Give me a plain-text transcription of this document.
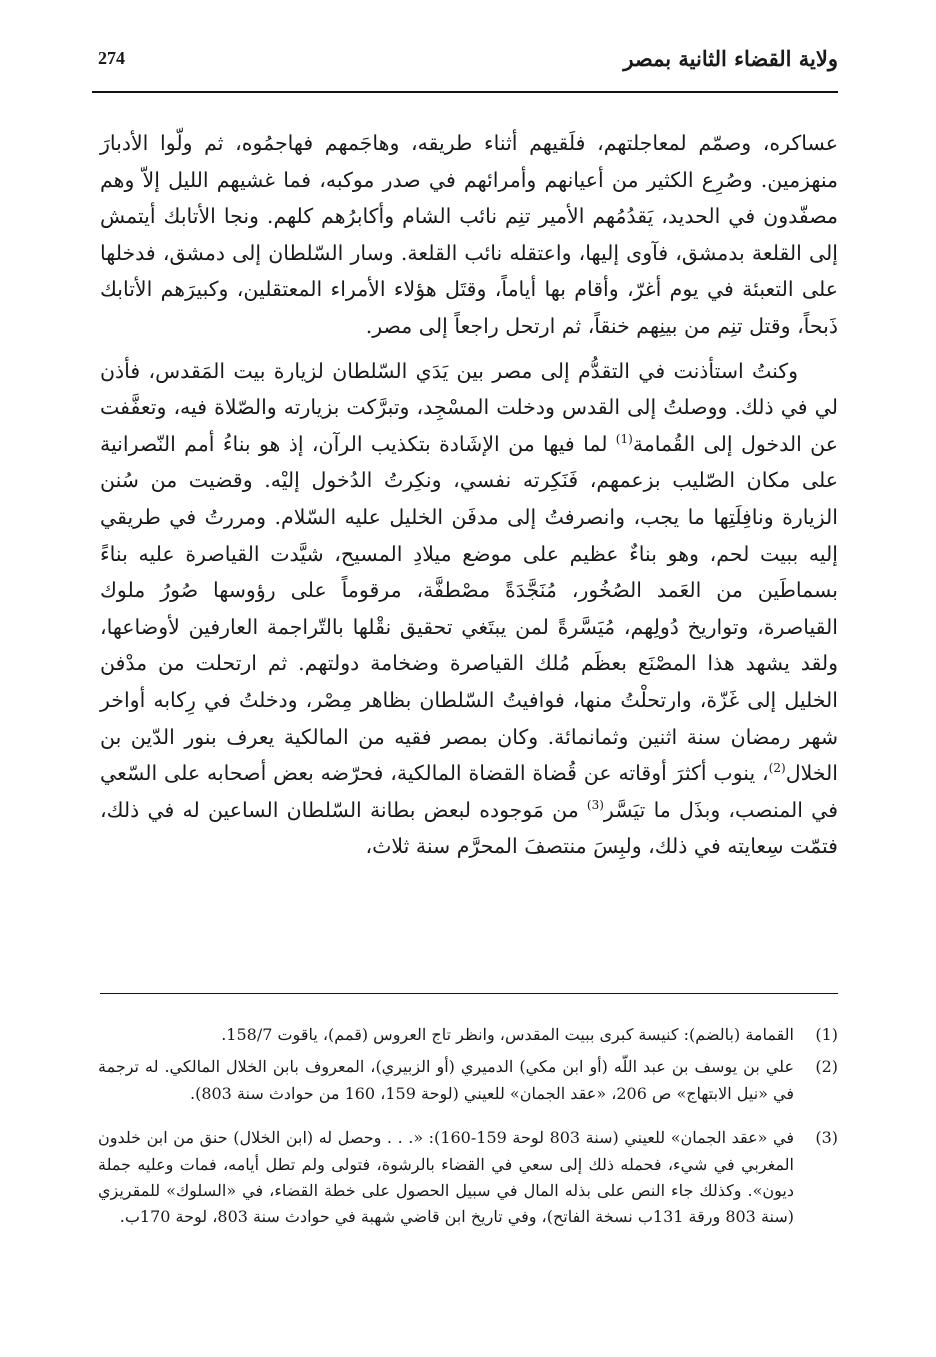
ولاية القضاء الثانية بمصر
274

عساكره، وصمّم لمعاجلتهم، فلَقيهم أثناء طريقه، وهاجَمهم فهاجمُوه، ثم ولّوا الأدبارَ منهزمين. وصُرِع الكثير من أعيانهم وأمرائهم في صدر موكبه، فما غشيهم الليل إلاّ وهم مصفّدون في الحديد، يَقدُمُهم الأمير تنِم نائب الشام وأكابرُهم كلهم. ونجا الأتابك أيتمش إلى القلعة بدمشق، فآوى إليها، واعتقله نائب القلعة. وسار السّلطان إلى دمشق، فدخلها على التعبئة في يوم أغرّ، وأقام بها أياماً، وقتَل هؤلاء الأمراء المعتقلين، وكبيرَهم الأتابك ذَبحاً، وقتل تنِم من بينِهم خنقاً، ثم ارتحل راجعاً إلى مصر.

وكنتُ استأذنت في التقدُّم إلى مصر بين يَدَي السّلطان لزيارة بيت المَقدس، فأذن لي في ذلك. ووصلتُ إلى القدس ودخلت المسْجِد، وتبرَّكت بزيارته والصّلاة فيه، وتعفَّفت عن الدخول إلى القُمامة$^{(1)}$ لما فيها من الإشَادة بتكذيب الرآن، إذ هو بناءُ أمم النّصرانية على مكان الصّليب بزعمهم، فَنَكِرته نفسي، ونكِرتُ الدُخول إليْه. وقضيت من سُنن الزيارة ونافِلَتِها ما يجب، وانصرفتُ إلى مدفَن الخليل عليه السّلام. ومررتُ في طريقي إليه ببيت لحم، وهو بناءٌ عظيم على موضع ميلادِ المسيح، شيَّدت القياصرة عليه بناءً بسماطَين من العَمد الصُخُور، مُنَجَّدَةً مصْطفَّة، مرقوماً على رؤوسها صُورُ ملوك القياصرة، وتواريخ دُولِهم، مُيَسَّرةً لمن يبتَغي تحقيق نقْلها بالتّراجمة العارفين لأوضاعها، ولقد يشهد هذا المصْنَع بعظَم مُلك القياصرة وضخامة دولتهم. ثم ارتحلت من مدْفن الخليل إلى غَزّة، وارتحلْتُ منها، فوافيتُ السّلطان بظاهر مِصْر، ودخلتُ في رِكابه أواخر شهر رمضان سنة اثنين وثمانمائة. وكان بمصر فقيه من المالكية يعرف بنور الدّين بن الخلال$^{(2)}$، ينوب أكثرَ أوقاته عن قُضاة القضاة المالكية، فحرّضه بعض أصحابه على السّعي في المنصب، وبذَل ما تيَسَّر$^{(3)}$ من مَوجوده لبعض بطانة السّلطان الساعين له في ذلك، فتمّت سِعايته في ذلك، ولبِسَ منتصفَ المحرَّم سنة ثلاث،

(1)
القمامة (بالضم): كنيسة كبرى ببيت المقدس، وانظر تاج العروس (قمم)، ياقوت 158/7.
(2)
علي بن يوسف بن عبد اللّه (أو ابن مكي) الدميري (أو الزبيري)، المعروف بابن الخلال المالكي. له ترجمة في «نيل الابتهاج» ص 206، «عقد الجمان» للعيني (لوحة 159، 160 من حوادث سنة 803).
(3)
في «عقد الجمان» للعيني (سنة 803 لوحة 159-160): «. . . وحصل له (ابن الخلال) حنق من ابن خلدون المغربي في شيء، فحمله ذلك إلى سعي في القضاء بالرشوة، فتولى ولم تطل أيامه، فمات وعليه جملة ديون». وكذلك جاء النص على بذله المال في سبيل الحصول على خطة القضاء، في «السلوك» للمقريزي (سنة 803 ورقة 131ب نسخة الفاتح)، وفي تاريخ ابن قاضي شهبة في حوادث سنة 803، لوحة 170ب.
